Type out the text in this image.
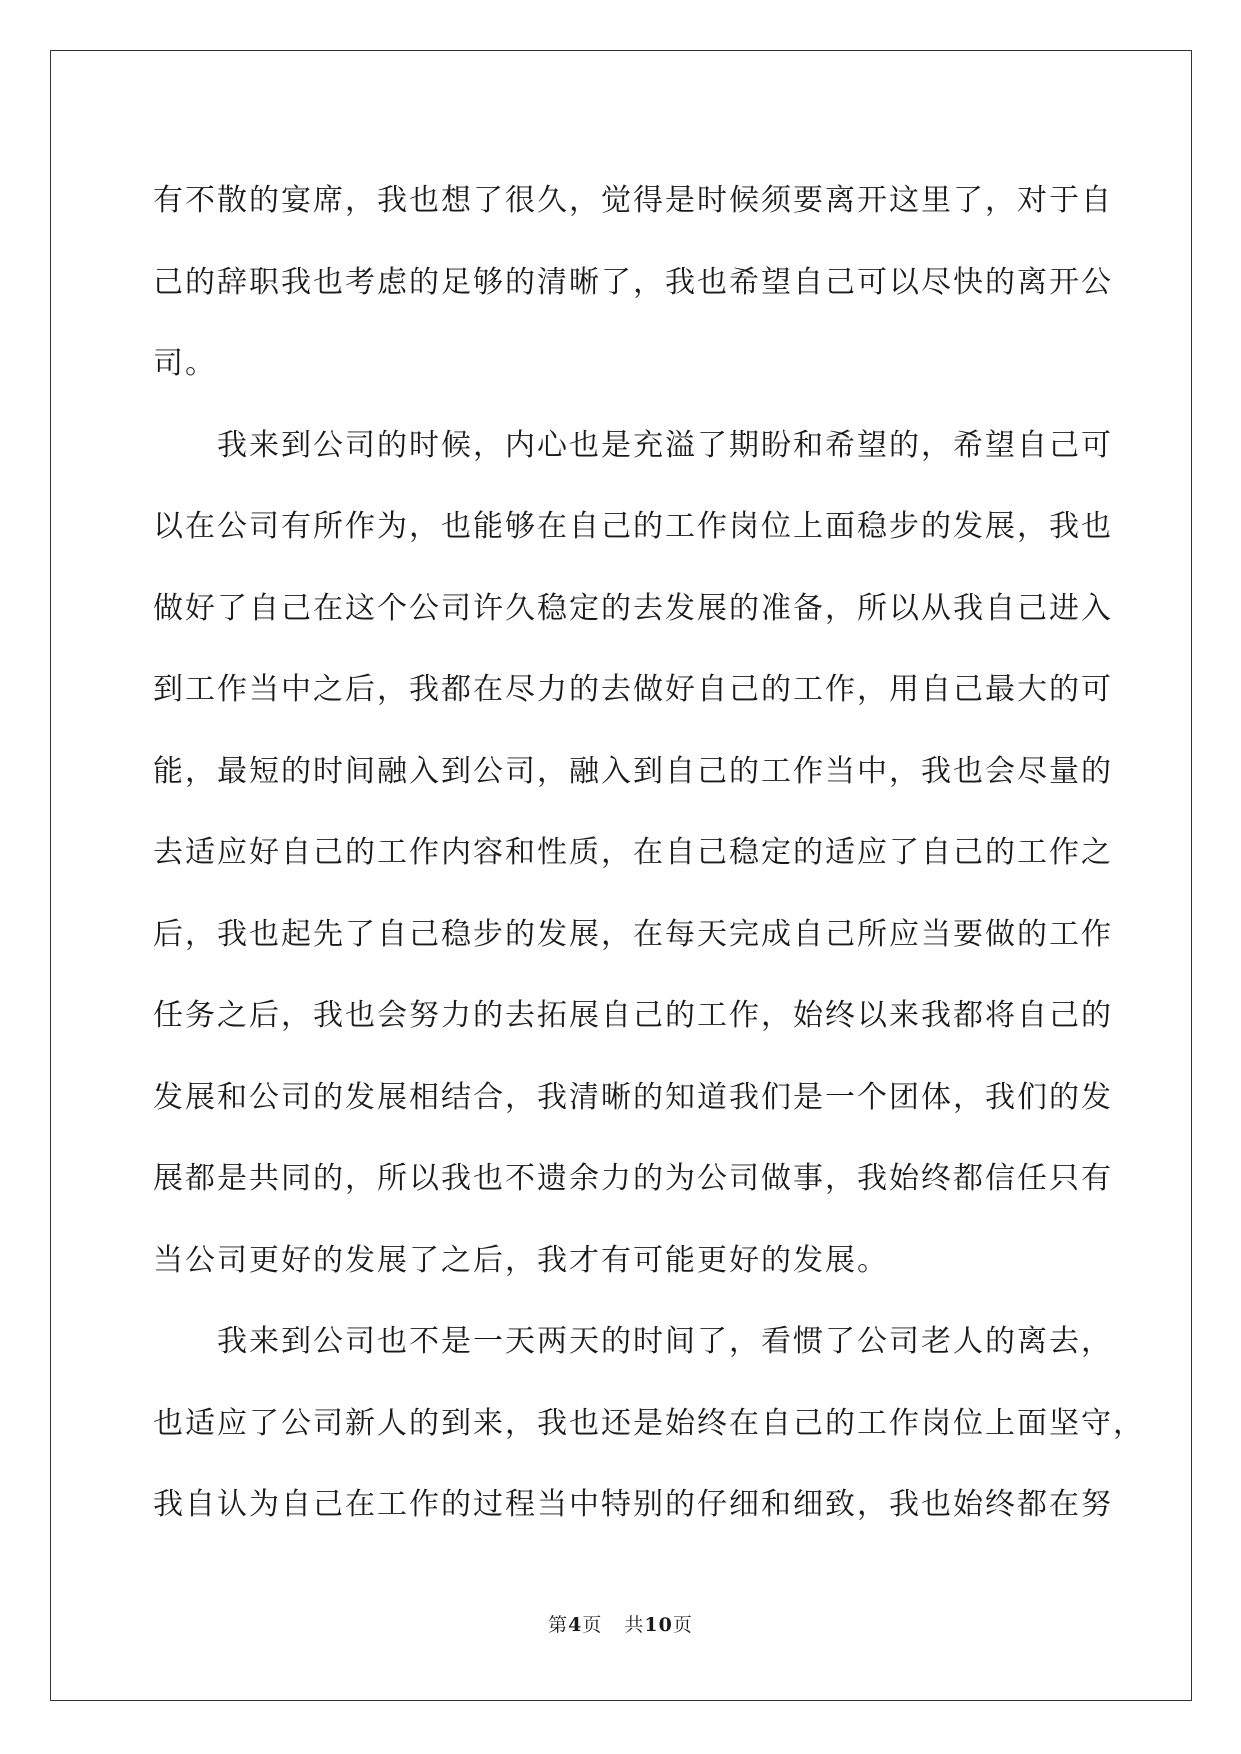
有不散的宴席，我也想了很久，觉得是时候须要离开这里了，对于自
己的辞职我也考虑的足够的清晰了，我也希望自己可以尽快的离开公
司。
我来到公司的时候，内心也是充溢了期盼和希望的，希望自己可
以在公司有所作为，也能够在自己的工作岗位上面稳步的发展，我也
做好了自己在这个公司许久稳定的去发展的准备，所以从我自己进入
到工作当中之后，我都在尽力的去做好自己的工作，用自己最大的可
能，最短的时间融入到公司，融入到自己的工作当中，我也会尽量的
去适应好自己的工作内容和性质，在自己稳定的适应了自己的工作之
后，我也起先了自己稳步的发展，在每天完成自己所应当要做的工作
任务之后，我也会努力的去拓展自己的工作，始终以来我都将自己的
发展和公司的发展相结合，我清晰的知道我们是一个团体，我们的发
展都是共同的，所以我也不遗余力的为公司做事，我始终都信任只有
当公司更好的发展了之后，我才有可能更好的发展。
我来到公司也不是一天两天的时间了，看惯了公司老人的离去，
也适应了公司新人的到来，我也还是始终在自己的工作岗位上面坚守，
我自认为自己在工作的过程当中特别的仔细和细致，我也始终都在努
第4页 共10页
